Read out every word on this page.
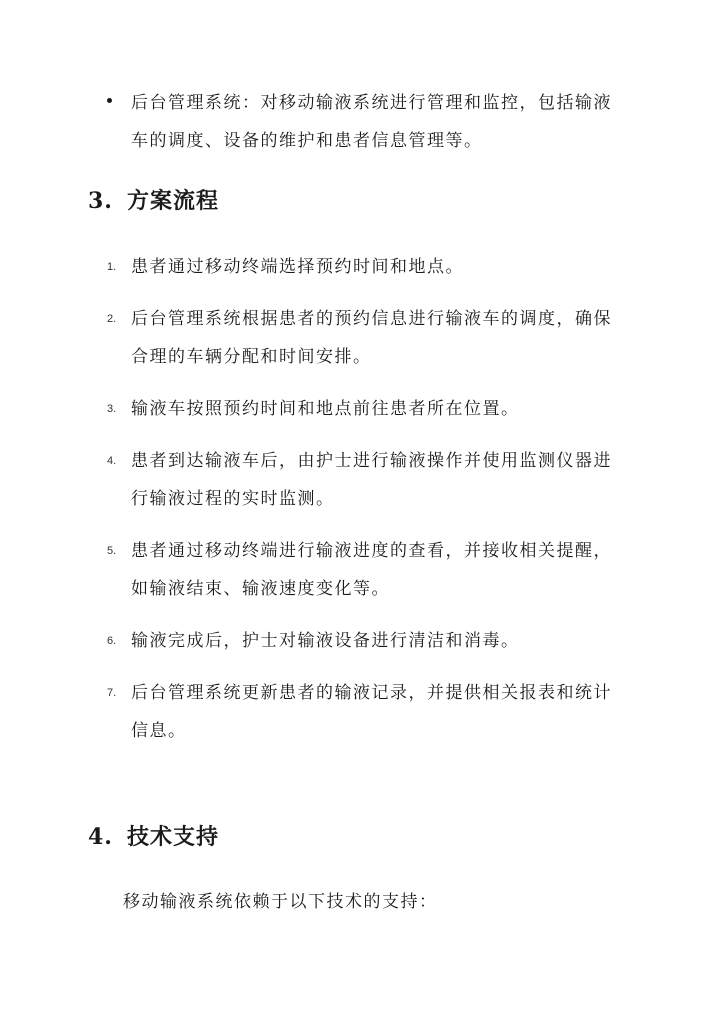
后台管理系统：对移动输液系统进行管理和监控，包括输液车的调度、设备的维护和患者信息管理等。

3. 方案流程
1. 患者通过移动终端选择预约时间和地点。

2. 后台管理系统根据患者的预约信息进行输液车的调度，确保合理的车辆分配和时间安排。

3. 输液车按照预约时间和地点前往患者所在位置。

4. 患者到达输液车后，由护士进行输液操作并使用监测仪器进行输液过程的实时监测。

5. 患者通过移动终端进行输液进度的查看，并接收相关提醒，如输液结束、输液速度变化等。

6. 输液完成后，护士对输液设备进行清洁和消毒。

7. 后台管理系统更新患者的输液记录，并提供相关报表和统计信息。

4. 技术支持

移动输液系统依赖于以下技术的支持：
